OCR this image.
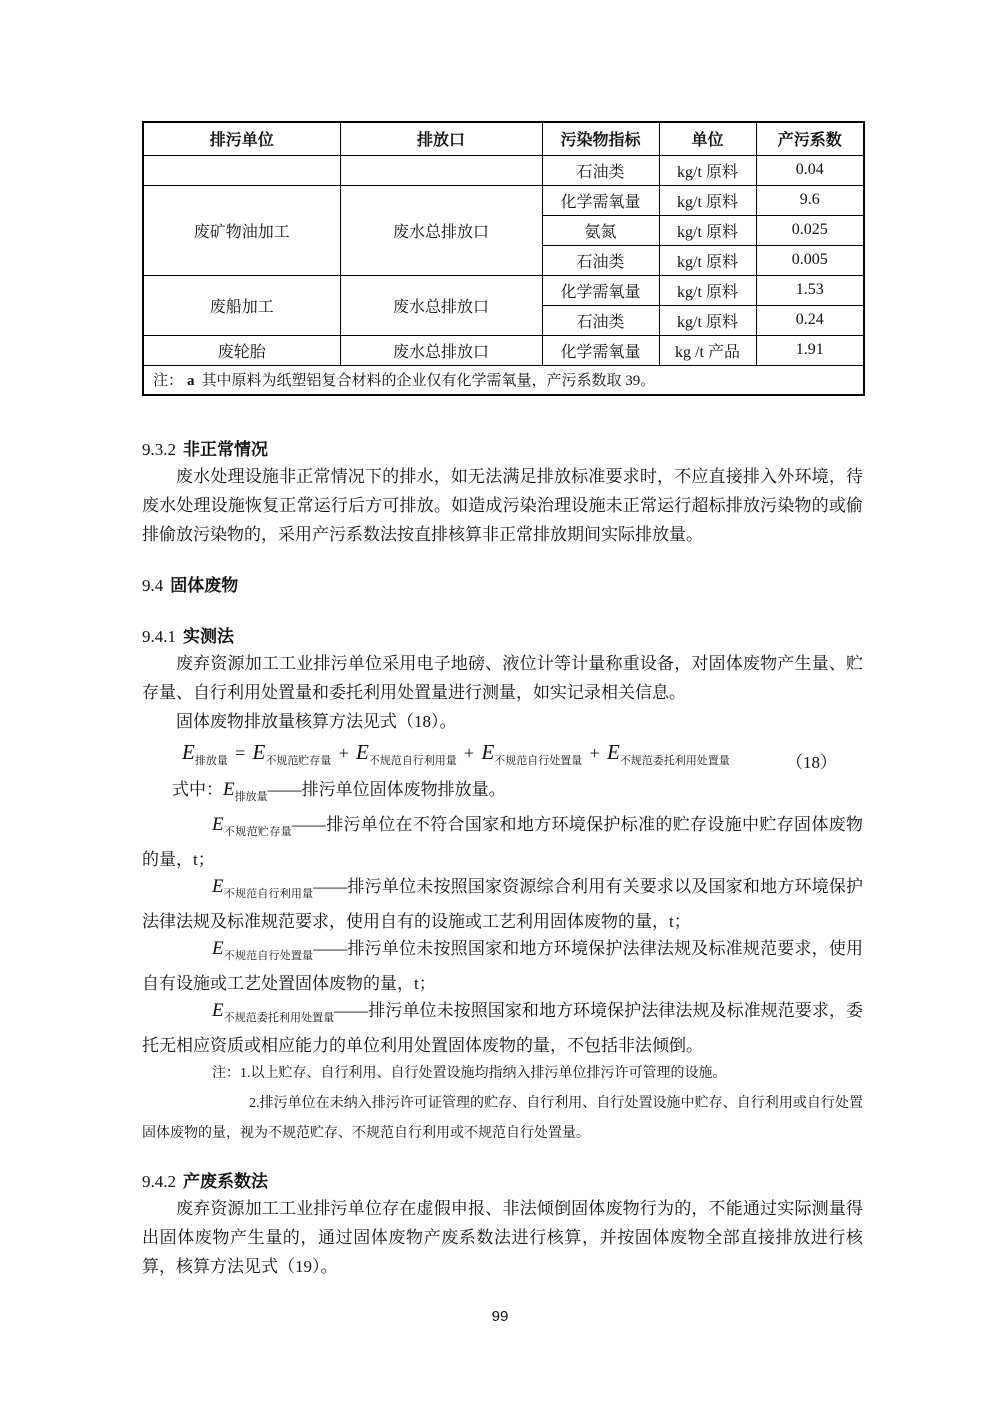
排污单位	排放口	污染物指标	单位	产污系数
		石油类	kg/t 原料	0.04
废矿物油加工	废水总排放口	化学需氧量	kg/t 原料	9.6
		氨氮	kg/t 原料	0.025
		石油类	kg/t 原料	0.005
废船加工	废水总排放口	化学需氧量	kg/t 原料	1.53
		石油类	kg/t 原料	0.24
废轮胎	废水总排放口	化学需氧量	kg /t 产品	1.91
注： a 其中原料为纸塑铝复合材料的企业仅有化学需氧量，产污系数取 39。				
9.3.2 非正常情况

废水处理设施非正常情况下的排水，如无法满足排放标准要求时，不应直接排入外环境，待废水处理设施恢复正常运行后方可排放。如造成污染治理设施未正常运行超标排放污染物的或偷排偷放污染物的，采用产污系数法按直排核算非正常排放期间实际排放量。

9.4 固体废物
9.4.1 实测法

废弃资源加工工业排污单位采用电子地磅、液位计等计量称重设备，对固体废物产生量、贮存量、自行利用处置量和委托利用处置量进行测量，如实记录相关信息。

固体废物排放量核算方法见式（18）。

$E_{排放量} = E_{不规范贮存量} + E_{不规范自行利用量} + E_{不规范自行处置量} + E_{不规范委托利用处置量}$	（18）

式中：$E_{排放量}——$排污单位固体废物排放量。

$E_{不规范贮存量}——$排污单位在不符合国家和地方环境保护标准的贮存设施中贮存固体废物的量，t；

$E_{不规范自行利用量}——$排污单位未按照国家资源综合利用有关要求以及国家和地方环境保护法律法规及标准规范要求，使用自有的设施或工艺利用固体废物的量，t；

$E_{不规范自行处置量}——$排污单位未按照国家和地方环境保护法律法规及标准规范要求，使用自有设施或工艺处置固体废物的量，t；

$E_{不规范委托利用处置量}——$排污单位未按照国家和地方环境保护法律法规及标准规范要求，委托无相应资质或相应能力的单位利用处置固体废物的量，不包括非法倾倒。

注：1.以上贮存、自行利用、自行处置设施均指纳入排污单位排污许可管理的设施。

2.排污单位在未纳入排污许可证管理的贮存、自行利用、自行处置设施中贮存、自行利用或自行处置固体废物的量，视为不规范贮存、不规范自行利用或不规范自行处置量。

9.4.2 产废系数法

废弃资源加工工业排污单位存在虚假申报、非法倾倒固体废物行为的，不能通过实际测量得出固体废物产生量的，通过固体废物产废系数法进行核算，并按固体废物全部直接排放进行核算，核算方法见式（19）。

99
